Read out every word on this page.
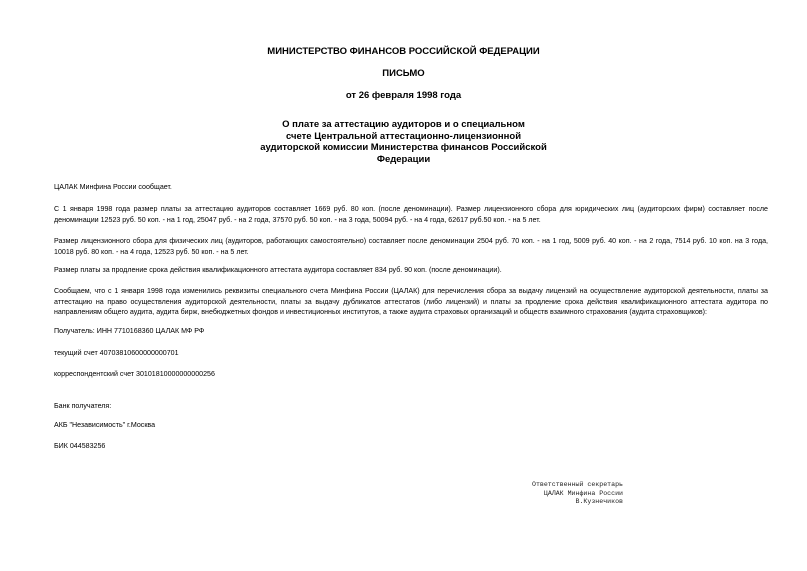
МИНИСТЕРСТВО ФИНАНСОВ РОССИЙСКОЙ ФЕДЕРАЦИИ
ПИСЬМО
от 26 февраля 1998 года
О плате за аттестацию аудиторов и о специальном
счете Центральной аттестационно-лицензионной
аудиторской комиссии Министерства финансов Российской
Федерации
ЦАЛАК Минфина России сообщает.
С 1 января 1998 года размер платы за аттестацию аудиторов составляет 1669 руб. 80 коп. (после деноминации). Размер лицензионного сбора для юридических лиц (аудиторских фирм) составляет после деноминации 12523 руб. 50 коп. - на 1 год, 25047 руб. - на 2 года, 37570 руб. 50 коп. - на 3 года, 50094 руб. - на 4 года, 62617 руб.50 коп. - на 5 лет.
Размер лицензионного сбора для физических лиц (аудиторов, работающих самостоятельно) составляет после деноминации 2504 руб. 70 коп. - на 1 год, 5009 руб. 40 коп. - на 2 года, 7514 руб. 10 коп. на 3 года, 10018 руб. 80 коп. - на 4 года, 12523 руб. 50 коп. - на 5 лет.
Размер платы за продление срока действия квалификационного аттестата аудитора составляет 834 руб. 90 коп. (после деноминации).
Сообщаем, что с 1 января 1998 года изменились реквизиты специального счета Минфина России (ЦАЛАК) для перечисления сбора за выдачу лицензий на осуществление аудиторской деятельности, платы за аттестацию на право осуществления аудиторской деятельности, платы за выдачу дубликатов аттестатов (либо лицензий) и платы за продление срока действия квалификационного аттестата аудитора по направлениям общего аудита, аудита бирж, внебюджетных фондов и инвестиционных институтов, а также аудита страховых организаций и обществ взаимного страхования (аудита страховщиков):
Получатель: ИНН 7710168360 ЦАЛАК МФ РФ
текущий счет 40703810600000000701
корреспондентский счет 30101810000000000256
Банк получателя:
АКБ "Независимость" г.Москва
БИК 044583256
Ответственный секретарь
ЦАЛАК Минфина России
В.Кузнечиков
